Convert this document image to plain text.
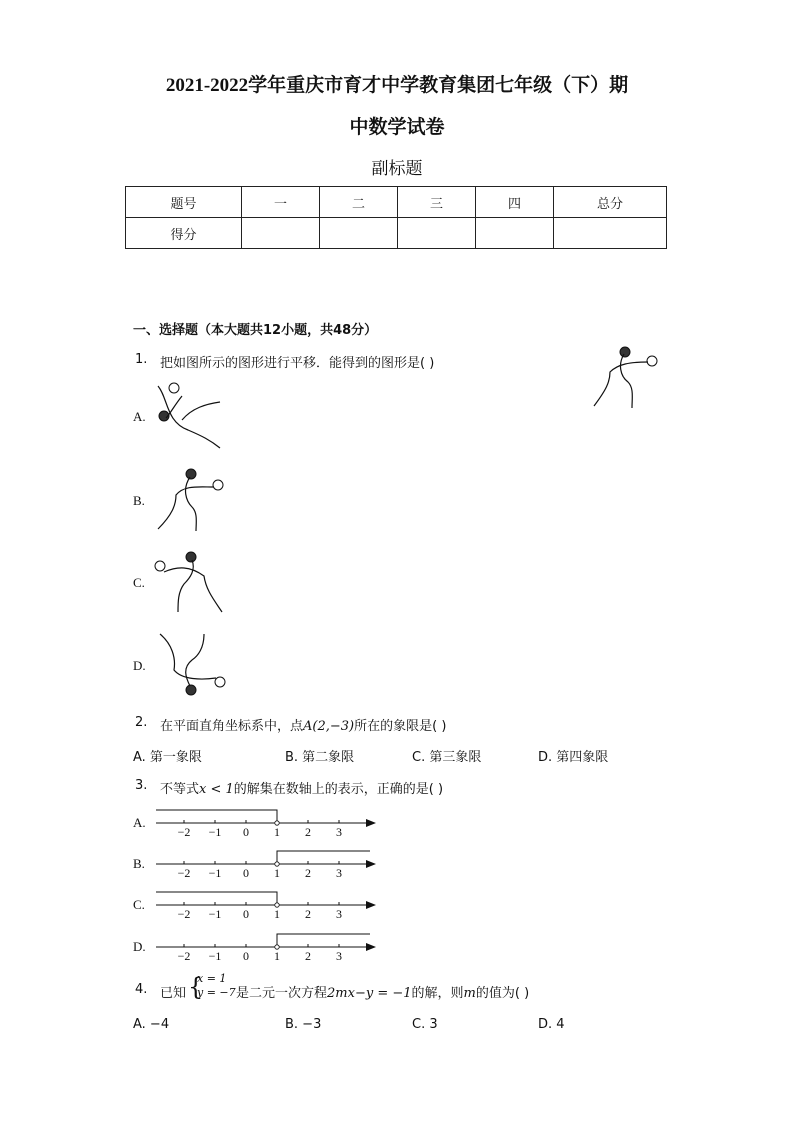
2021-2022学年重庆市育才中学教育集团七年级（下）期
中数学试卷
副标题
题号	一	二	三	四	总分
得分					
一、选择题（本大题共12小题，共48分）
1. 把如图所示的图形进行平移．能得到的图形是( )
A.
B.
C.
D.
2. 在平面直角坐标系中，点A(2,−3)所在的象限是( )
A. 第一象限	B. 第二象限	C. 第三象限	D. 第四象限
3. 不等式x < 1的解集在数轴上的表示，正确的是( )
A.
−2 −1 0 1 2 3
B.
−2 −1 0 1 2 3
C.
−2 −1 0 1 2 3
D.
−2 −1 0 1 2 3
4. 已知 {
x = 1
y = −7 是二元一次方程2mx−y = −1的解，则m的值为( )
A. −4	B. −3	C. 3	D. 4
